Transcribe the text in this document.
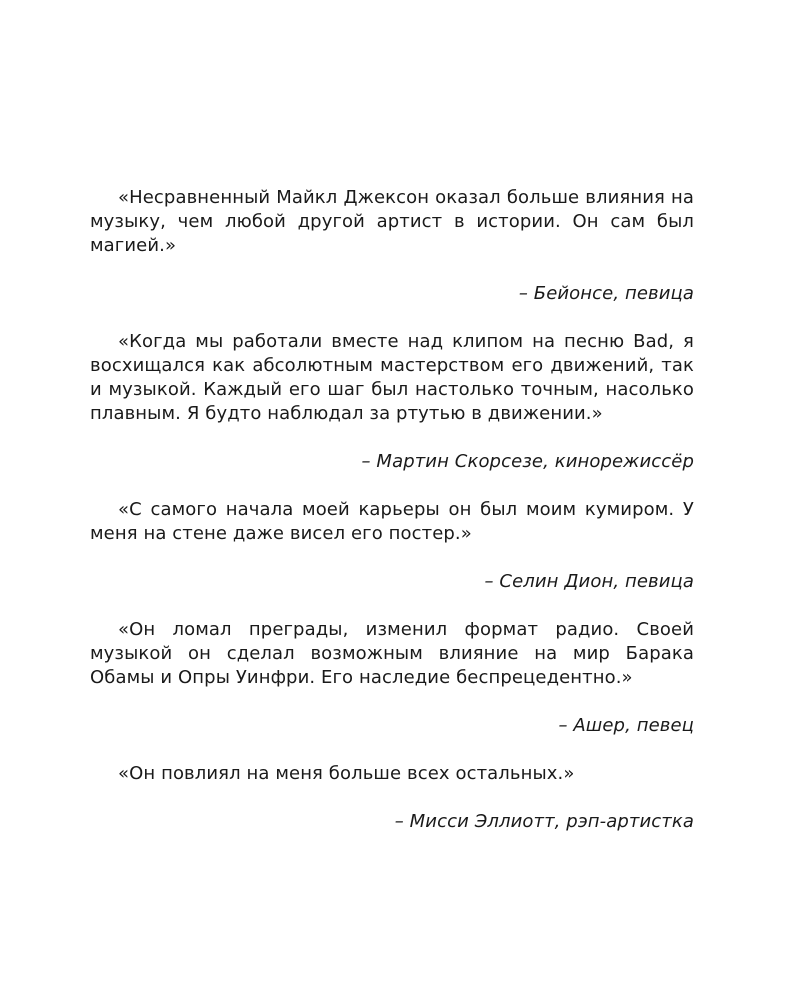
«Несравненный Майкл Джексон оказал больше влияния на музыку, чем любой другой артист в истории. Он сам был магией.»

– Бейонсе, певица

«Когда мы работали вместе над клипом на песню Bad, я восхищался как абсолютным мастерством его движений, так и музыкой. Каждый его шаг был настолько точным, насолько плавным. Я будто наблюдал за ртутью в движении.»

– Мартин Скорсезе, кинорежиссёр

«С самого начала моей карьеры он был моим кумиром. У меня на стене даже висел его постер.»

– Селин Дион, певица

«Он ломал преграды, изменил формат радио. Своей музыкой он сделал возможным влияние на мир Барака Обамы и Опры Уинфри. Его наследие беспрецедентно.»

– Ашер, певец

«Он повлиял на меня больше всех остальных.»

– Мисси Эллиотт, рэп-артистка
